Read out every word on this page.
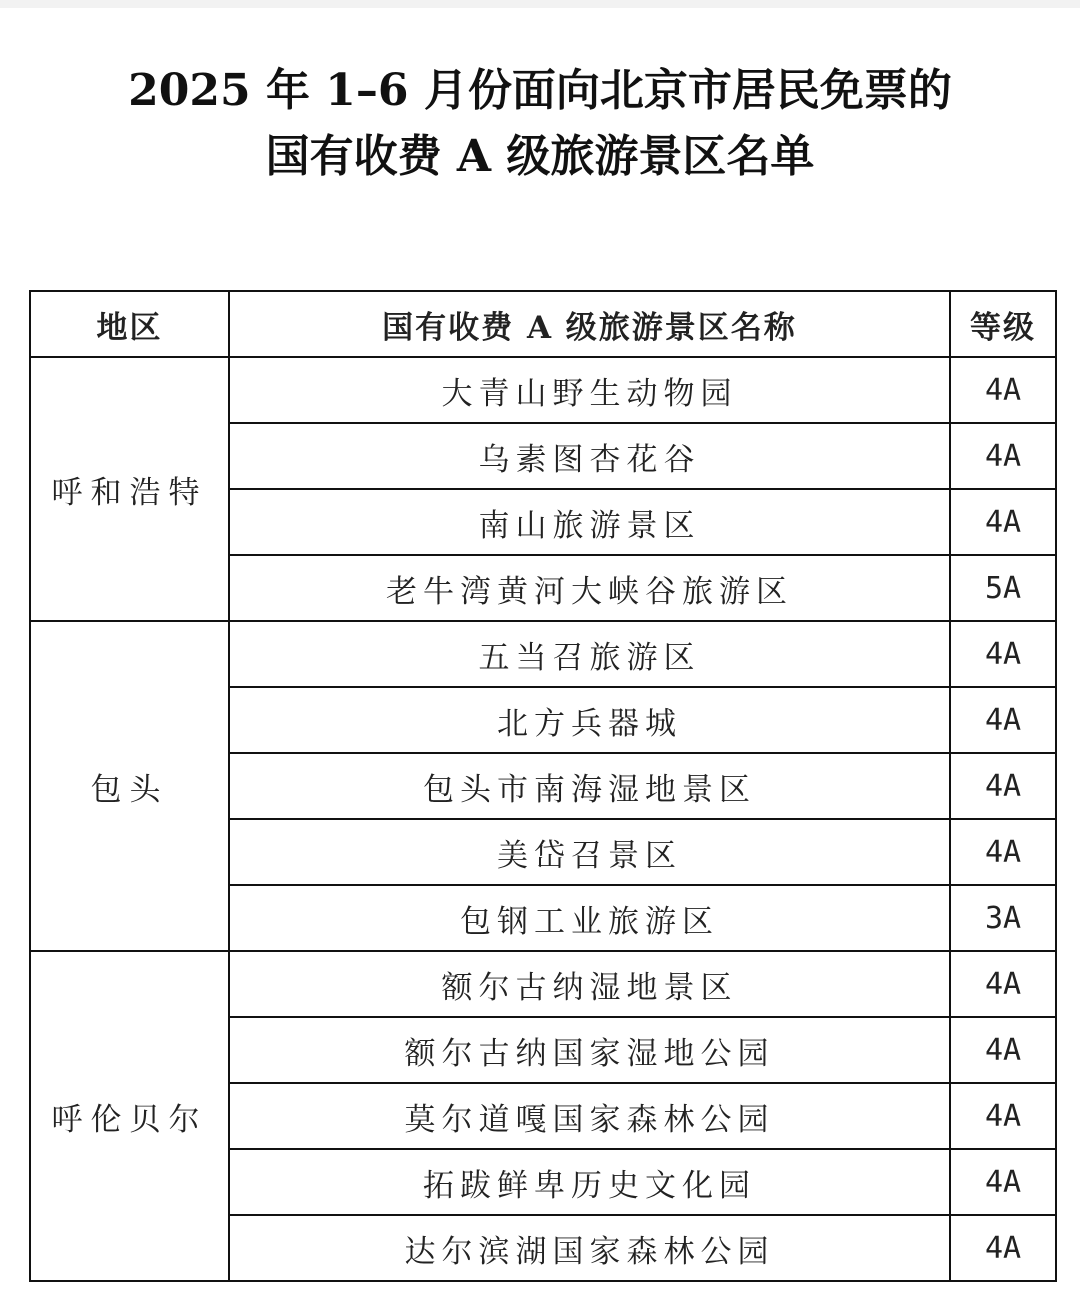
2025 年 1–6 月份面向北京市居民免票的
国有收费 A 级旅游景区名单
地区	国有收费 A 级旅游景区名称	等级
呼和浩特	大青山野生动物园	4A
	乌素图杏花谷	4A
	南山旅游景区	4A
	老牛湾黄河大峡谷旅游区	5A
包头	五当召旅游区	4A
	北方兵器城	4A
	包头市南海湿地景区	4A
	美岱召景区	4A
	包钢工业旅游区	3A
呼伦贝尔	额尔古纳湿地景区	4A
	额尔古纳国家湿地公园	4A
	莫尔道嘎国家森林公园	4A
	拓跋鲜卑历史文化园	4A
	达尔滨湖国家森林公园	4A
